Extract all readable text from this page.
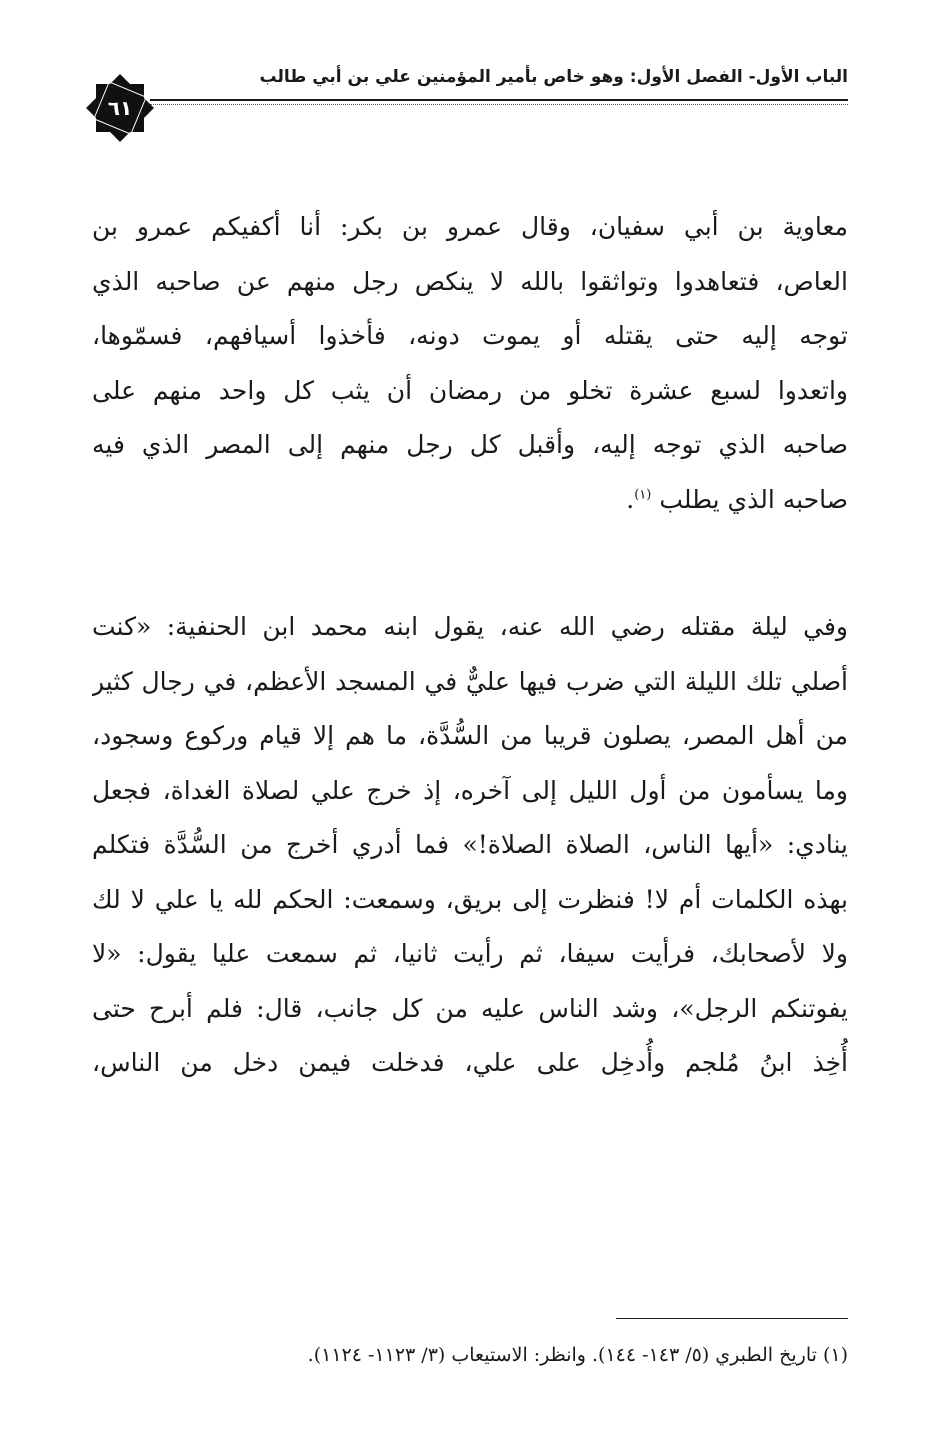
الباب الأول- الفصل الأول: وهو خاص بأمير المؤمنين علي بن أبي طالب
٦١
معاوية بن أبي سفيان، وقال عمرو بن بكر: أنا أكفيكم عمرو بن
العاص، فتعاهدوا وتواثقوا بالله لا ينكص رجل منهم عن صاحبه الذي
توجه إليه حتى يقتله أو يموت دونه، فأخذوا أسيافهم، فسمّوها،
واتعدوا لسبع عشرة تخلو من رمضان أن يثب كل واحد منهم على
صاحبه الذي توجه إليه، وأقبل كل رجل منهم إلى المصر الذي فيه
صاحبه الذي يطلب $^{(١)}$.
وفي ليلة مقتله رضي الله عنه، يقول ابنه محمد ابن الحنفية: «كنت
أصلي تلك الليلة التي ضرب فيها عليٌّ في المسجد الأعظم، في رجال كثير
من أهل المصر، يصلون قريبا من السُّدَّة، ما هم إلا قيام وركوع وسجود،
وما يسأمون من أول الليل إلى آخره، إذ خرج علي لصلاة الغداة، فجعل
ينادي: «أيها الناس، الصلاة الصلاة!» فما أدري أخرج من السُّدَّة فتكلم
بهذه الكلمات أم لا! فنظرت إلى بريق، وسمعت: الحكم لله يا علي لا لك
ولا لأصحابك، فرأيت سيفا، ثم رأيت ثانيا، ثم سمعت عليا يقول: «لا
يفوتنكم الرجل»، وشد الناس عليه من كل جانب، قال: فلم أبرح حتى
أُخِذ ابنُ مُلجم وأُدخِل على علي، فدخلت فيمن دخل من الناس،
(١) تاريخ الطبري (٥/ ١٤٣- ١٤٤). وانظر: الاستيعاب (٣/ ١١٢٣- ١١٢٤).
